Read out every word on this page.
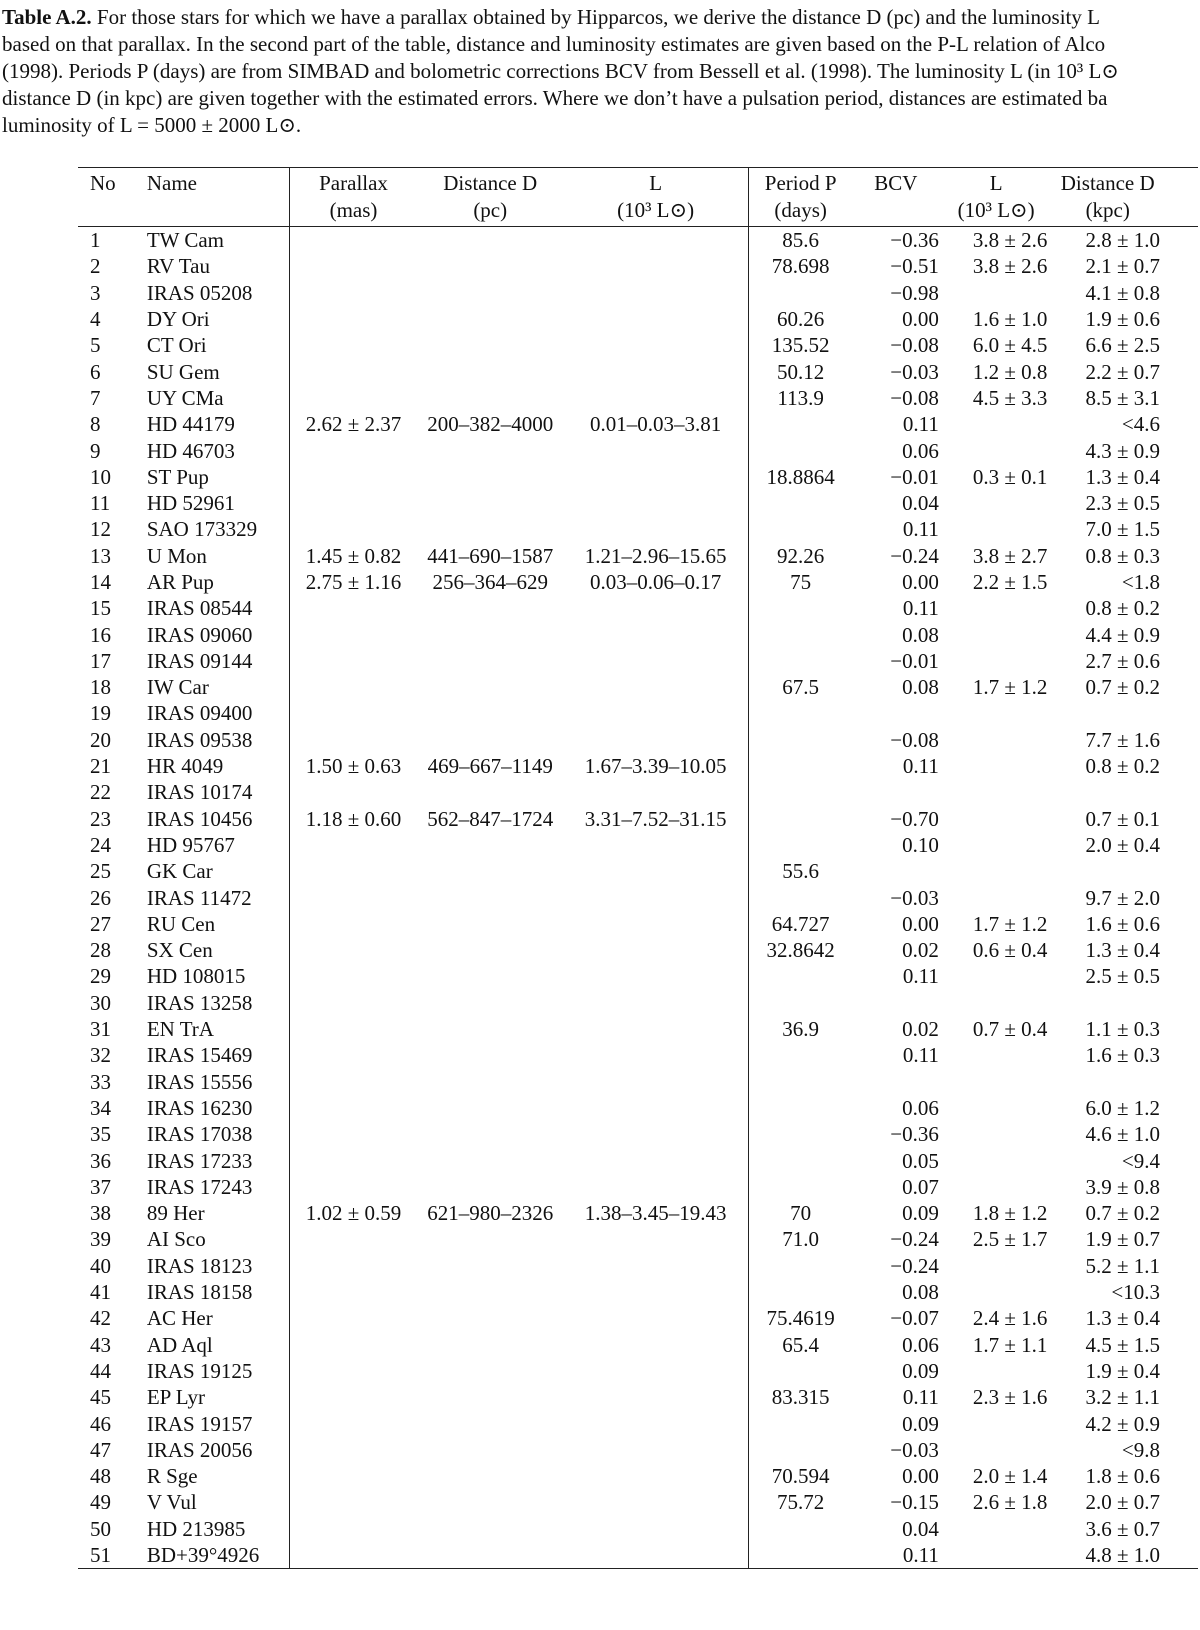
Table A.2. For those stars for which we have a parallax obtained by Hipparcos, we derive the distance D (pc) and the luminosity L
based on that parallax. In the second part of the table, distance and luminosity estimates are given based on the P-L relation of Alco
(1998). Periods P (days) are from SIMBAD and bolometric corrections BCV from Bessell et al. (1998). The luminosity L (in 10³ L⊙
distance D (in kpc) are given together with the estimated errors. Where we don’t have a pulsation period, distances are estimated ba
luminosity of L = 5000 ± 2000 L⊙.
No	Name	Parallax	Distance D	L	Period P	BCV	L	Distance D
		(mas)	(pc)	(10³ L⊙)	(days)		(10³ L⊙)	(kpc)
1	TW Cam				85.6	−0.36	3.8 ± 2.6	2.8 ± 1.0
2	RV Tau				78.698	−0.51	3.8 ± 2.6	2.1 ± 0.7
3	IRAS 05208					−0.98		4.1 ± 0.8
4	DY Ori				60.26	0.00	1.6 ± 1.0	1.9 ± 0.6
5	CT Ori				135.52	−0.08	6.0 ± 4.5	6.6 ± 2.5
6	SU Gem				50.12	−0.03	1.2 ± 0.8	2.2 ± 0.7
7	UY CMa				113.9	−0.08	4.5 ± 3.3	8.5 ± 3.1
8	HD 44179	2.62 ± 2.37	200–382–4000	0.01–0.03–3.81		0.11		<4.6
9	HD 46703					0.06		4.3 ± 0.9
10	ST Pup				18.8864	−0.01	0.3 ± 0.1	1.3 ± 0.4
11	HD 52961					0.04		2.3 ± 0.5
12	SAO 173329					0.11		7.0 ± 1.5
13	U Mon	1.45 ± 0.82	441–690–1587	1.21–2.96–15.65	92.26	−0.24	3.8 ± 2.7	0.8 ± 0.3
14	AR Pup	2.75 ± 1.16	256–364–629	0.03–0.06–0.17	75	0.00	2.2 ± 1.5	<1.8
15	IRAS 08544					0.11		0.8 ± 0.2
16	IRAS 09060					0.08		4.4 ± 0.9
17	IRAS 09144					−0.01		2.7 ± 0.6
18	IW Car				67.5	0.08	1.7 ± 1.2	0.7 ± 0.2
19	IRAS 09400							
20	IRAS 09538					−0.08		7.7 ± 1.6
21	HR 4049	1.50 ± 0.63	469–667–1149	1.67–3.39–10.05		0.11		0.8 ± 0.2
22	IRAS 10174							
23	IRAS 10456	1.18 ± 0.60	562–847–1724	3.31–7.52–31.15		−0.70		0.7 ± 0.1
24	HD 95767					0.10		2.0 ± 0.4
25	GK Car				55.6			
26	IRAS 11472					−0.03		9.7 ± 2.0
27	RU Cen				64.727	0.00	1.7 ± 1.2	1.6 ± 0.6
28	SX Cen				32.8642	0.02	0.6 ± 0.4	1.3 ± 0.4
29	HD 108015					0.11		2.5 ± 0.5
30	IRAS 13258							
31	EN TrA				36.9	0.02	0.7 ± 0.4	1.1 ± 0.3
32	IRAS 15469					0.11		1.6 ± 0.3
33	IRAS 15556							
34	IRAS 16230					0.06		6.0 ± 1.2
35	IRAS 17038					−0.36		4.6 ± 1.0
36	IRAS 17233					0.05		<9.4
37	IRAS 17243					0.07		3.9 ± 0.8
38	89 Her	1.02 ± 0.59	621–980–2326	1.38–3.45–19.43	70	0.09	1.8 ± 1.2	0.7 ± 0.2
39	AI Sco				71.0	−0.24	2.5 ± 1.7	1.9 ± 0.7
40	IRAS 18123					−0.24		5.2 ± 1.1
41	IRAS 18158					0.08		<10.3
42	AC Her				75.4619	−0.07	2.4 ± 1.6	1.3 ± 0.4
43	AD Aql				65.4	0.06	1.7 ± 1.1	4.5 ± 1.5
44	IRAS 19125					0.09		1.9 ± 0.4
45	EP Lyr				83.315	0.11	2.3 ± 1.6	3.2 ± 1.1
46	IRAS 19157					0.09		4.2 ± 0.9
47	IRAS 20056					−0.03		<9.8
48	R Sge				70.594	0.00	2.0 ± 1.4	1.8 ± 0.6
49	V Vul				75.72	−0.15	2.6 ± 1.8	2.0 ± 0.7
50	HD 213985					0.04		3.6 ± 0.7
51	BD+39°4926					0.11		4.8 ± 1.0
